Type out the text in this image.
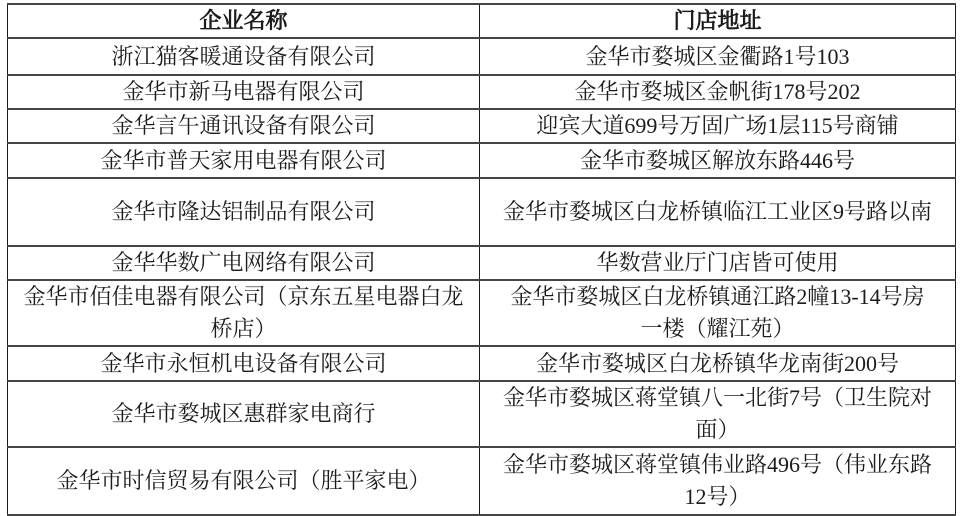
企业名称	门店地址
浙江猫客暖通设备有限公司	金华市婺城区金衢路1号103
金华市新马电器有限公司	金华市婺城区金帆街178号202
金华言午通讯设备有限公司	迎宾大道699号万固广场1层115号商铺
金华市普天家用电器有限公司	金华市婺城区解放东路446号
金华市隆达铝制品有限公司	金华市婺城区白龙桥镇临江工业区9号路以南
金华华数广电网络有限公司	华数营业厅门店皆可使用
金华市佰佳电器有限公司（京东五星电器白龙桥店）	金华市婺城区白龙桥镇通江路2幢13-14号房一楼（耀江苑）
金华市永恒机电设备有限公司	金华市婺城区白龙桥镇华龙南街200号
金华市婺城区惠群家电商行	金华市婺城区蒋堂镇八一北街7号（卫生院对面）
金华市时信贸易有限公司（胜平家电）	金华市婺城区蒋堂镇伟业路496号（伟业东路12号）
